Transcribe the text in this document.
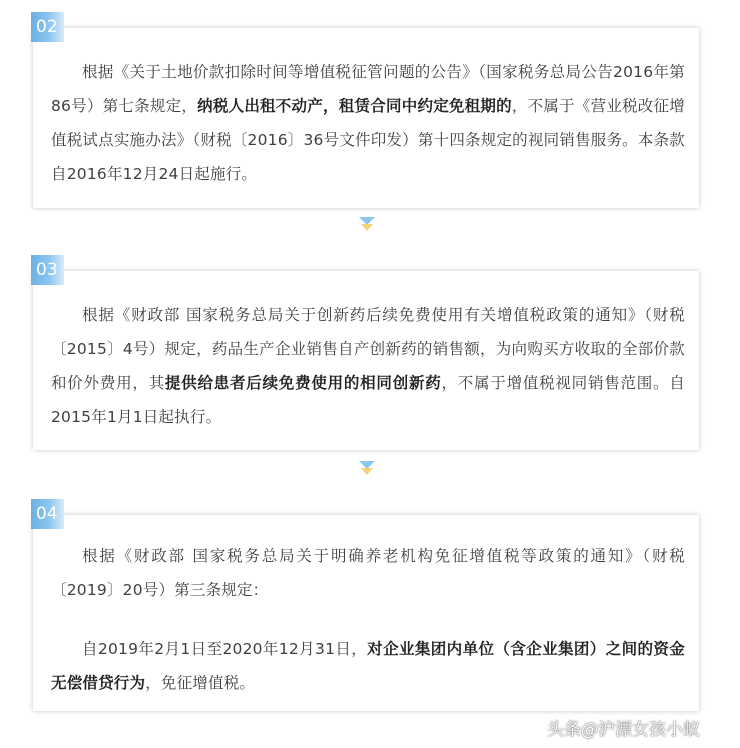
02

根据《关于土地价款扣除时间等增值税征管问题的公告》（国家税务总局公告2016年第86号）第七条规定，纳税人出租不动产，租赁合同中约定免租期的，不属于《营业税改征增值税试点实施办法》（财税〔2016〕36号文件印发）第十四条规定的视同销售服务。本条款自2016年12月24日起施行。

03

根据《财政部 国家税务总局关于创新药后续免费使用有关增值税政策的通知》（财税〔2015〕4号）规定，药品生产企业销售自产创新药的销售额，为向购买方收取的全部价款和价外费用，其提供给患者后续免费使用的相同创新药，不属于增值税视同销售范围。自2015年1月1日起执行。

04

根据《财政部 国家税务总局关于明确养老机构免征增值税等政策的通知》（财税〔2019〕20号）第三条规定：

自2019年2月1日至2020年12月31日，对企业集团内单位（含企业集团）之间的资金无偿借贷行为，免征增值税。

头条@沪漂女孩小蚁
